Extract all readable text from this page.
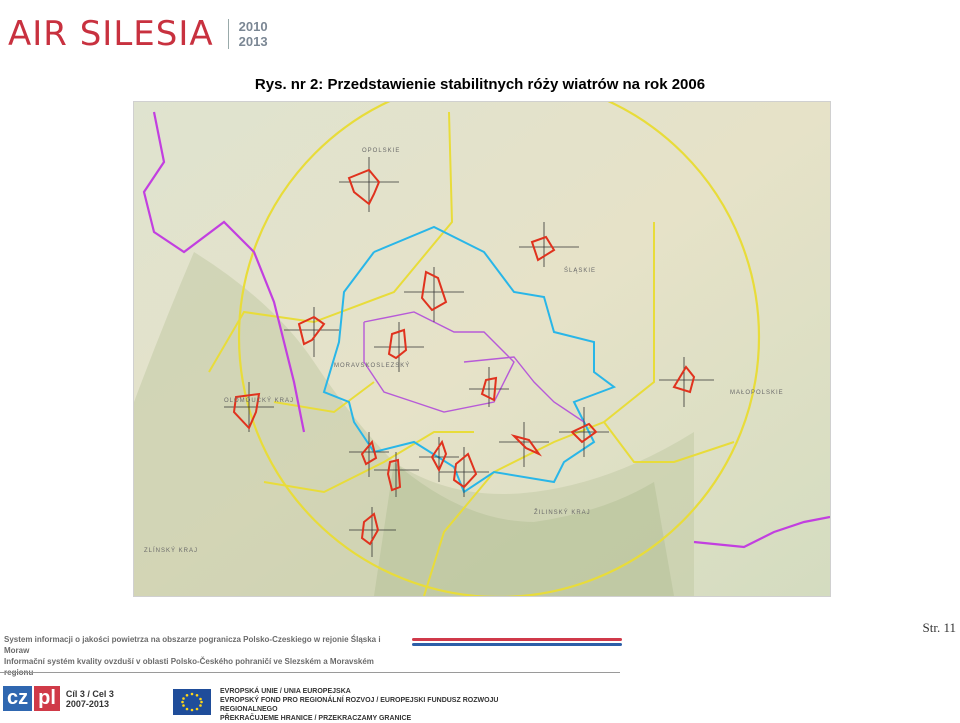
AIR SILESIA 2010
2013
Rys. nr 2: Przedstawienie stabilitnych róży wiatrów na rok 2006
OPOLSKIE
ŚLĄSKIE
MORAVSKOSLEZSKÝ
OLOMOUCKÝ KRAJ
MAŁOPOLSKIE
ŽILINSKÝ KRAJ
ZLÍNSKÝ KRAJ
Str. 11
System informacji o jakości powietrza na obszarze pogranicza Polsko-Czeskiego w rejonie Śląska i Moraw
Informační systém kvality ovzduší v oblasti Polsko-Českého pohraničí ve Slezském a Moravském
cz pl	Cíl 3 / Cel 3
2007-2013
EVROPSKÁ UNIE / UNIA EUROPEJSKA
EVROPSKÝ FOND PRO REGIONÁLNÍ ROZVOJ / EUROPEJSKI FUNDUSZ ROZWOJU REGIONALNEGO
PŘEKRAČUJEME HRANICE / PRZEKRACZAMY GRANICE
